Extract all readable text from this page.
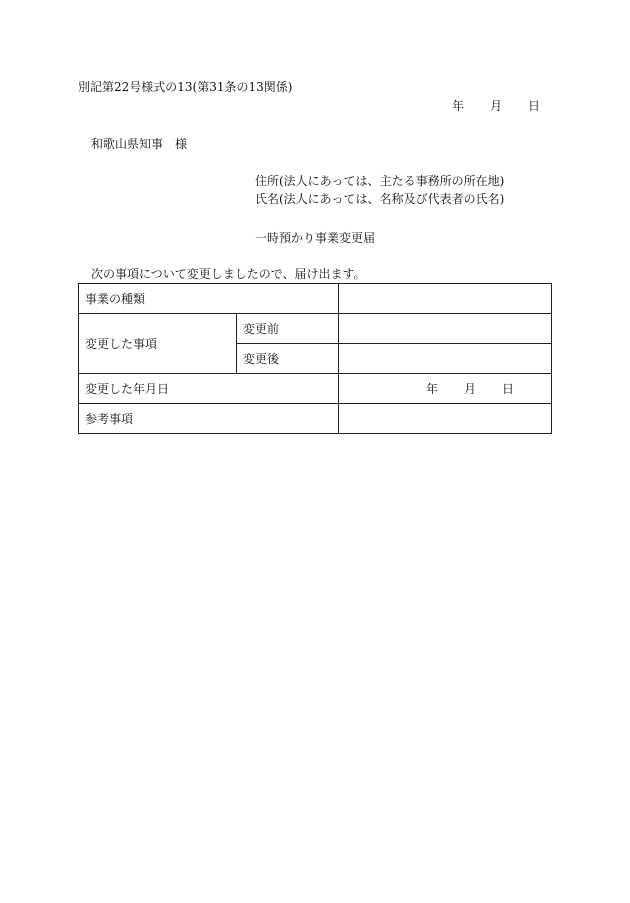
別記第22号様式の13(第31条の13関係)
年 月 日
和歌山県知事　様
住所(法人にあっては、主たる事務所の所在地)
氏名(法人にあっては、名称及び代表者の氏名)
一時預かり事業変更届
次の事項について変更しましたので、届け出ます。
事業の種類		
変更した事項	変更前	
	変更後	
変更した年月日		年 月 日
参考事項		
